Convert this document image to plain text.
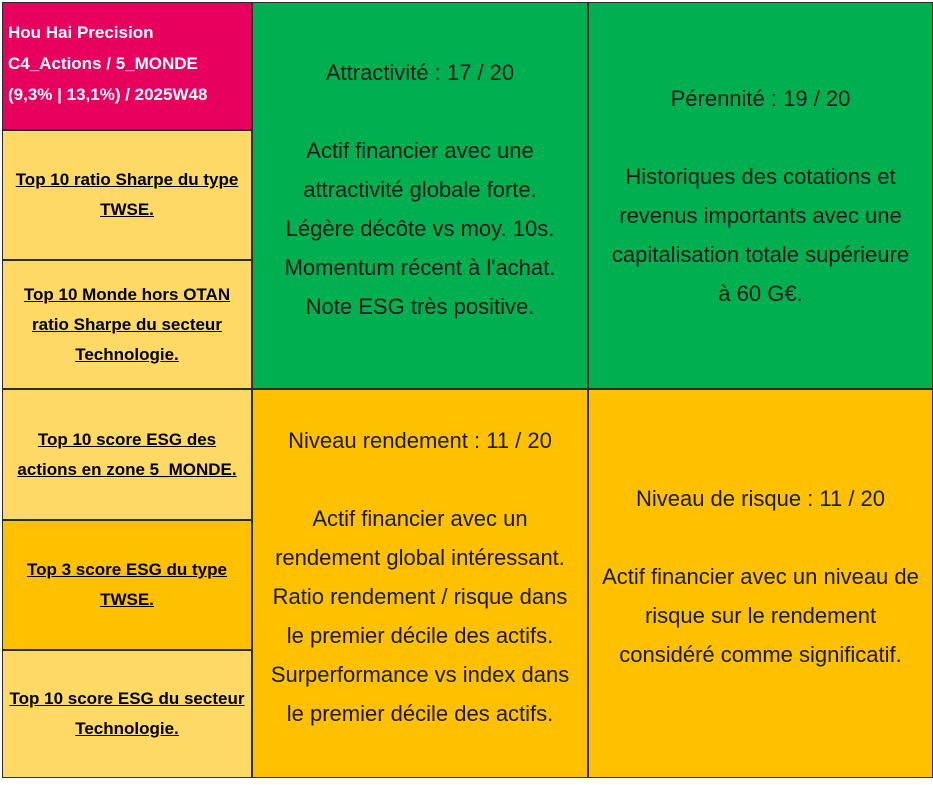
Hou Hai Precision
C4_Actions / 5_MONDE
(9,3% | 13,1%) / 2025W48
Top 10 ratio Sharpe du type
TWSE.
Top 10 Monde hors OTAN
ratio Sharpe du secteur
Technologie.
Top 10 score ESG des
actions en zone 5_MONDE.
Top 3 score ESG du type
TWSE.
Top 10 score ESG du secteur
Technologie.
Attractivité : 17 / 20
Actif financier avec une
attractivité globale forte.
Légère décôte vs moy. 10s.
Momentum récent à l'achat.
Note ESG très positive.
Pérennité : 19 / 20
Historiques des cotations et
revenus importants avec une
capitalisation totale supérieure
à 60 G€.
Niveau rendement : 11 / 20
Actif financier avec un
rendement global intéressant.
Ratio rendement / risque dans
le premier décile des actifs.
Surperformance vs index dans
le premier décile des actifs.
Niveau de risque : 11 / 20
Actif financier avec un niveau de
risque sur le rendement
considéré comme significatif.
